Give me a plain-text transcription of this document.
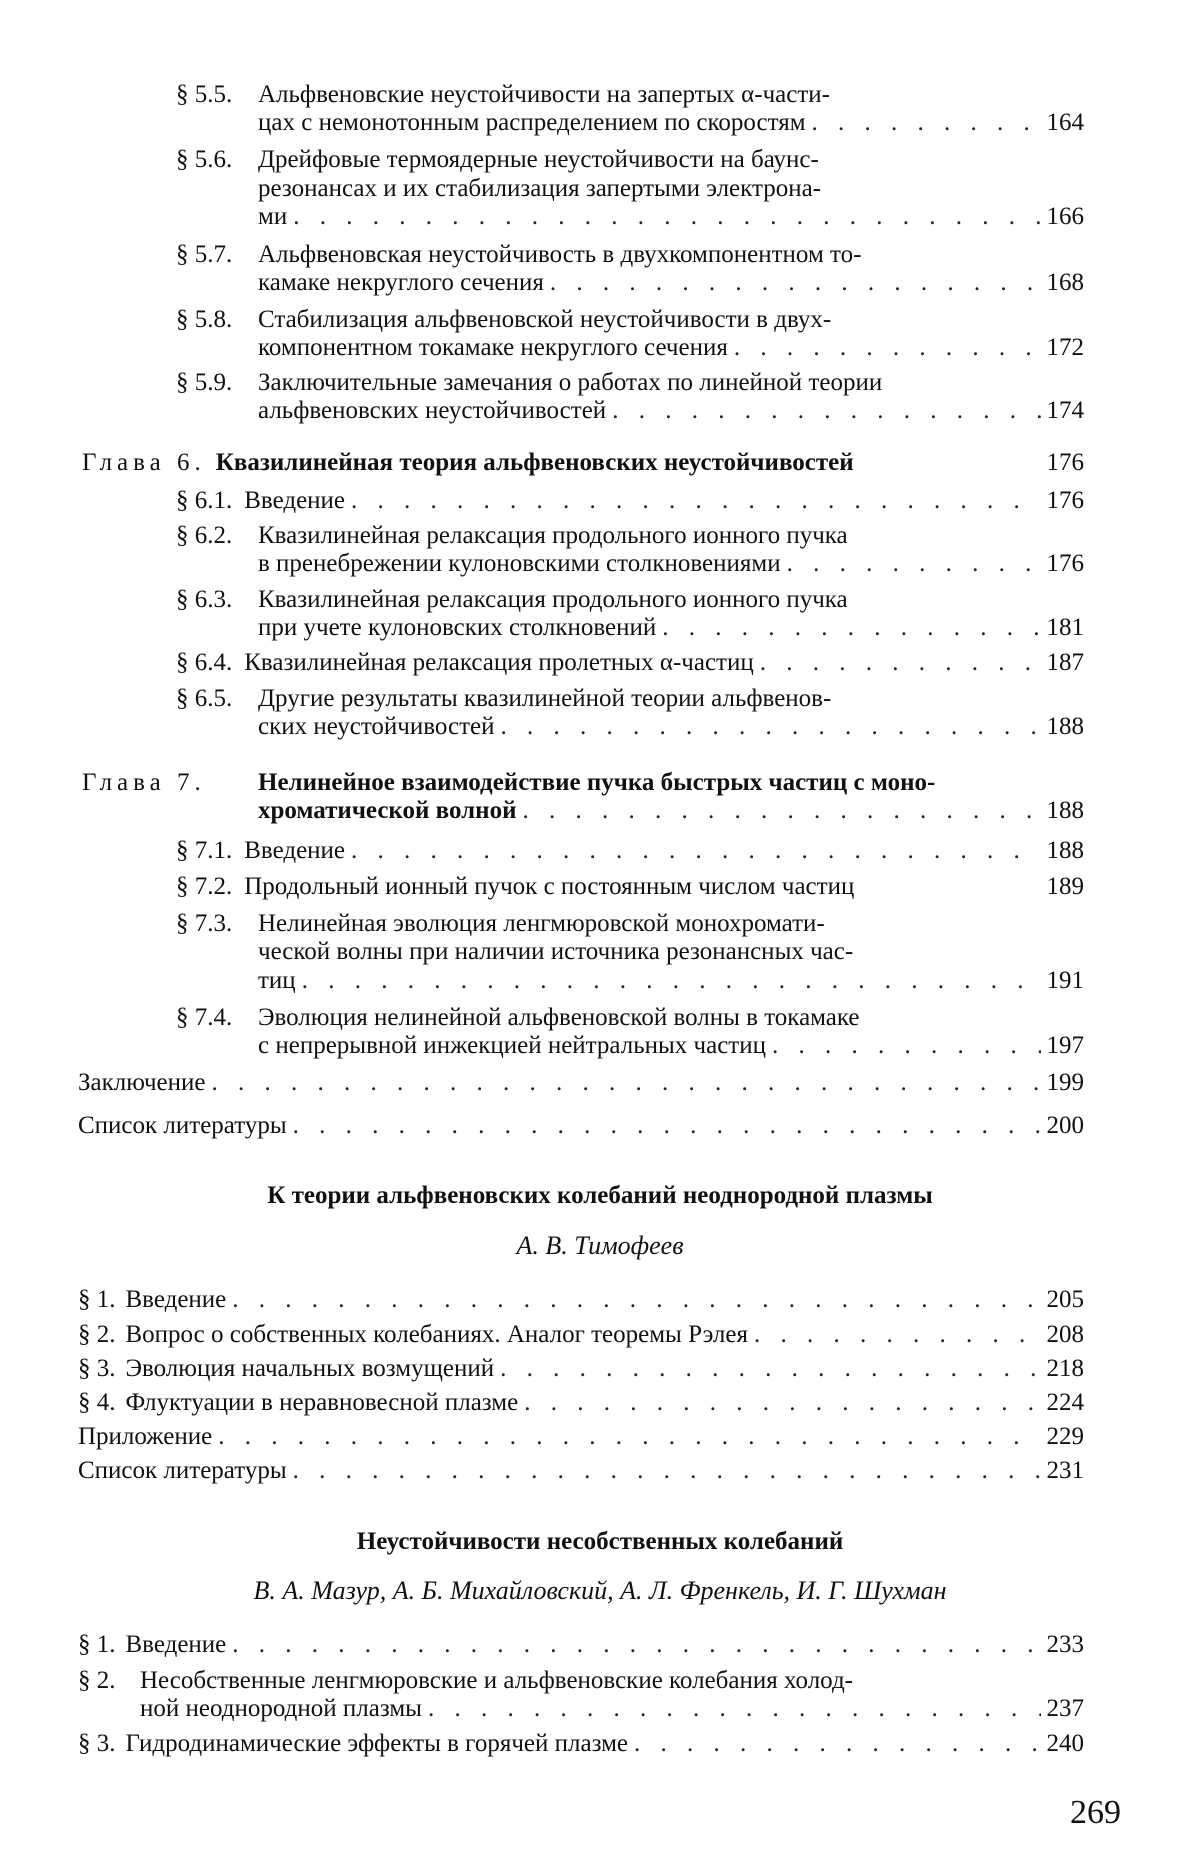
§ 5.5. Альфвеновские неустойчивости на запертых α-части-
цах с немонотонным распределением по скоростям . . .	164
§ 5.6. Дрейфовые термоядерные неустойчивости на баунс-
резонансах и их стабилизация запертыми электрона-
ми . . .	166
§ 5.7. Альфвеновская неустойчивость в двухкомпонентном то-
камаке некруглого сечения . . .	168
§ 5.8. Стабилизация альфвеновской неустойчивости в двух-
компонентном токамаке некруглого сечения . . .	172
§ 5.9. Заключительные замечания о работах по линейной теории
альфвеновских неустойчивостей . . .	174
Глава 6. Квазилинейная теория альфвеновских неустойчивостей	176
§ 6.1. Введение . . .	176
§ 6.2. Квазилинейная релаксация продольного ионного пучка
в пренебрежении кулоновскими столкновениями . . .	176
§ 6.3. Квазилинейная релаксация продольного ионного пучка
при учете кулоновских столкновений . . .	181
§ 6.4. Квазилинейная релаксация пролетных α-частиц . . .	187
§ 6.5. Другие результаты квазилинейной теории альфвенов-
ских неустойчивостей . . .	188
Глава 7. Нелинейное взаимодействие пучка быстрых частиц с моно-
хроматической волной . . .	188
§ 7.1. Введение . . .	188
§ 7.2. Продольный ионный пучок с постоянным числом частиц	189
§ 7.3. Нелинейная эволюция ленгмюровской монохромати-
ческой волны при наличии источника резонансных час-
тиц . . .	191
§ 7.4. Эволюция нелинейной альфвеновской волны в токамаке
с непрерывной инжекцией нейтральных частиц . . .	197
Заключение . . .	199
Список литературы . . .	200
К теории альфвеновских колебаний неоднородной плазмы
А. В. Тимофеев
§ 1. Введение . . .	205
§ 2. Вопрос о собственных колебаниях. Аналог теоремы Рэлея . . .	208
§ 3. Эволюция начальных возмущений . . .	218
§ 4. Флуктуации в неравновесной плазме . . .	224
Приложение . . .	229
Список литературы . . .	231
Неустойчивости несобственных колебаний
В. А. Мазур, А. Б. Михайловский, А. Л. Френкель, И. Г. Шухман
§ 1. Введение . . .	233
§ 2. Несобственные ленгмюровские и альфвеновские колебания холод-
ной неоднородной плазмы . . .	237
§ 3. Гидродинамические эффекты в горячей плазме . . .	240
269
